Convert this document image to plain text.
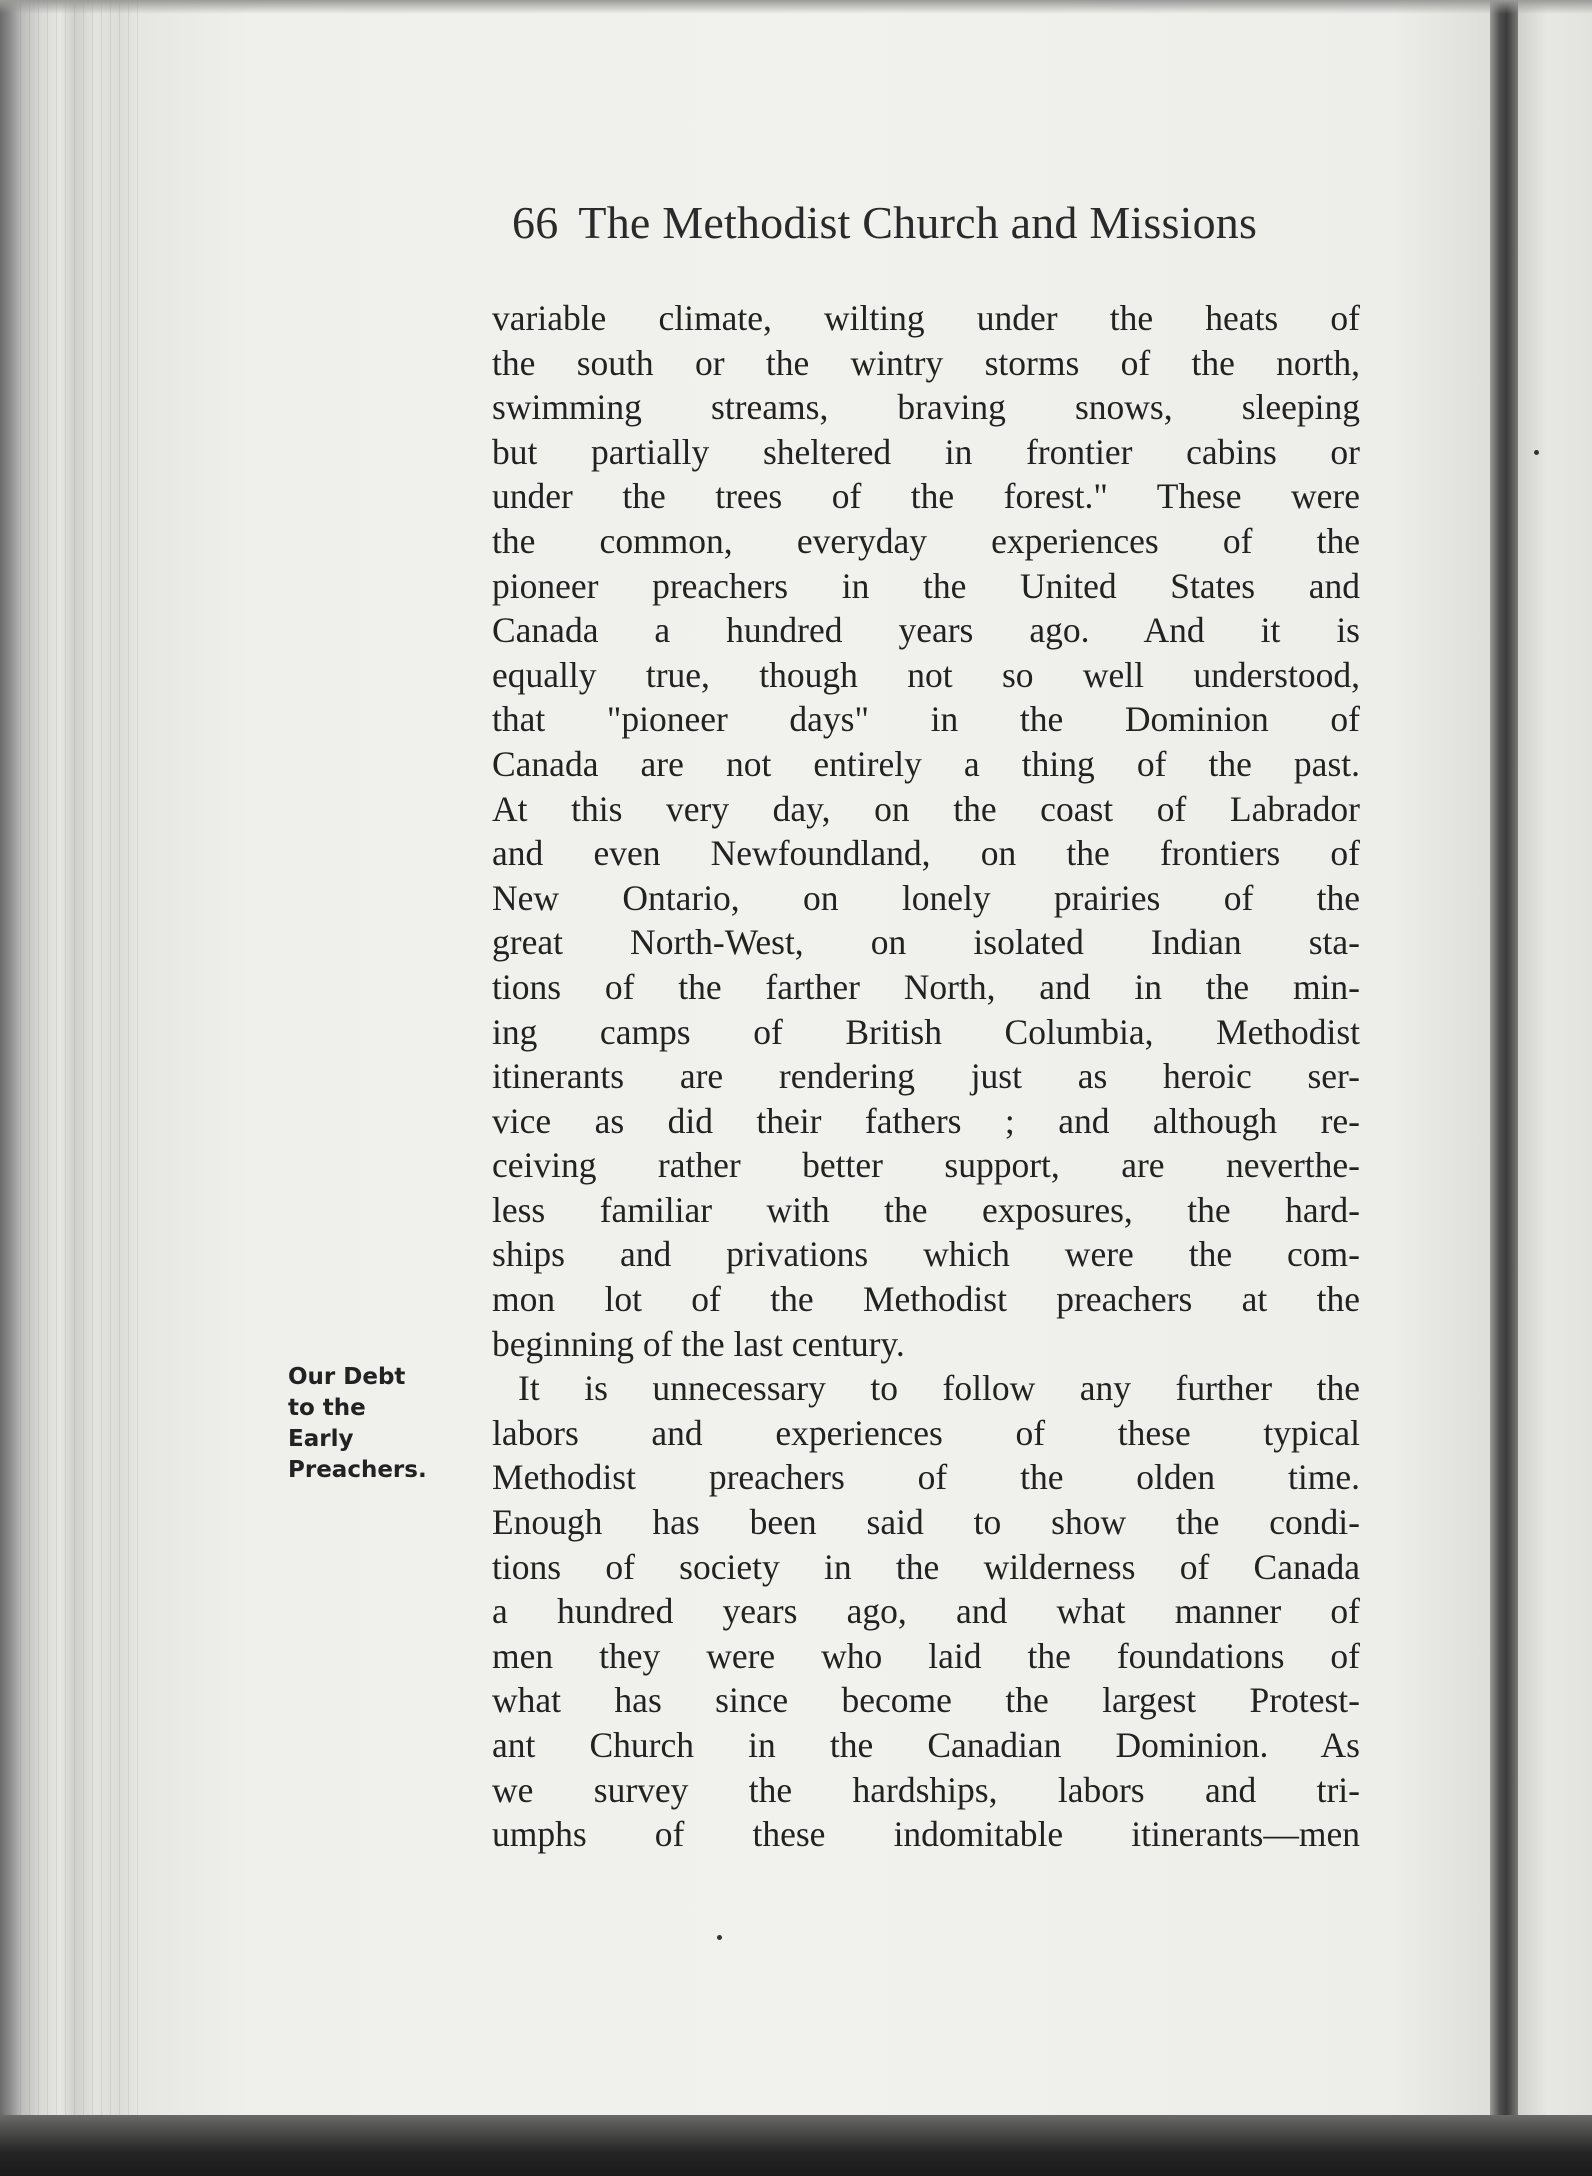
66 The Methodist Church and Missions
variable climate, wilting under the heats of
the south or the wintry storms of the north,
swimming streams, braving snows, sleeping
but partially sheltered in frontier cabins or
under the trees of the forest." These were
the common, everyday experiences of the
pioneer preachers in the United States and
Canada a hundred years ago. And it is
equally true, though not so well understood,
that "pioneer days" in the Dominion of
Canada are not entirely a thing of the past.
At this very day, on the coast of Labrador
and even Newfoundland, on the frontiers of
New Ontario, on lonely prairies of the
great North-West, on isolated Indian sta-
tions of the farther North, and in the min-
ing camps of British Columbia, Methodist
itinerants are rendering just as heroic ser-
vice as did their fathers ; and although re-
ceiving rather better support, are neverthe-
less familiar with the exposures, the hard-
ships and privations which were the com-
mon lot of the Methodist preachers at the
beginning of the last century.
It is unnecessary to follow any further the
labors and experiences of these typical
Methodist preachers of the olden time.
Enough has been said to show the condi-
tions of society in the wilderness of Canada
a hundred years ago, and what manner of
men they were who laid the foundations of
what has since become the largest Protest-
ant Church in the Canadian Dominion. As
we survey the hardships, labors and tri-
umphs of these indomitable itinerants—men
Our Debt
to the
Early
Preachers.
